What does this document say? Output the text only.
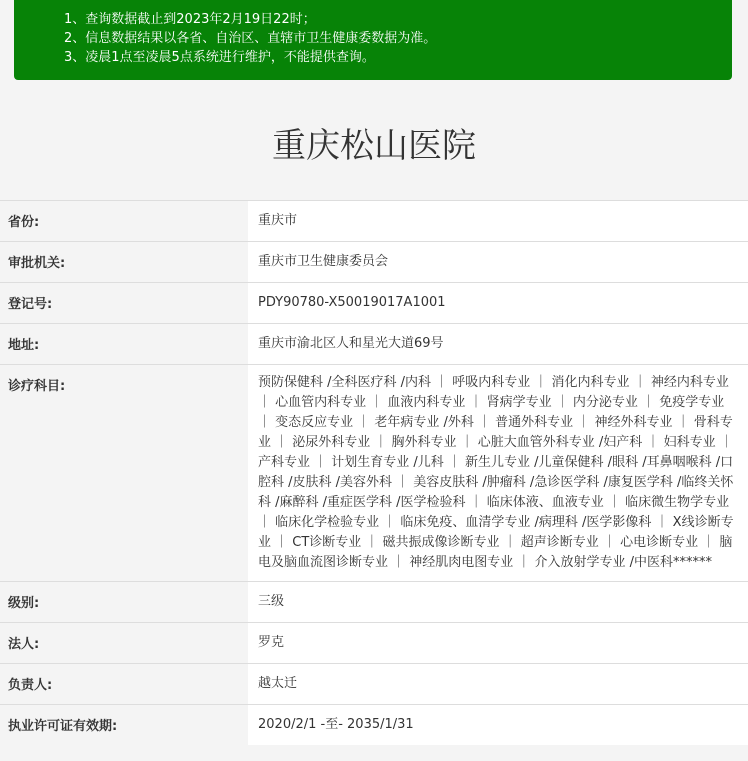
1、查询数据截止到2023年2月19日22时；
2、信息数据结果以各省、自治区、直辖市卫生健康委数据为准。
3、凌晨1点至凌晨5点系统进行维护，不能提供查询。
重庆松山医院
省份:	重庆市
审批机关:	重庆市卫生健康委员会
登记号:	PDY90780-X50019017A1001
地址:	重庆市渝北区人和星光大道69号
诊疗科目:	预防保健科 /全科医疗科 /内科 ｜ 呼吸内科专业 ｜ 消化内科专业 ｜ 神经内科专业 ｜ 心血管内科专业 ｜ 血液内科专业 ｜ 肾病学专业 ｜ 内分泌专业 ｜ 免疫学专业 ｜ 变态反应专业 ｜ 老年病专业 /外科 ｜ 普通外科专业 ｜ 神经外科专业 ｜ 骨科专业 ｜ 泌尿外科专业 ｜ 胸外科专业 ｜ 心脏大血管外科专业 /妇产科 ｜ 妇科专业 ｜ 产科专业 ｜ 计划生育专业 /儿科 ｜ 新生儿专业 /儿童保健科 /眼科 /耳鼻咽喉科 /口腔科 /皮肤科 /美容外科 ｜ 美容皮肤科 /肿瘤科 /急诊医学科 /康复医学科 /临终关怀科 /麻醉科 /重症医学科 /医学检验科 ｜ 临床体液、血液专业 ｜ 临床微生物学专业 ｜ 临床化学检验专业 ｜ 临床免疫、血清学专业 /病理科 /医学影像科 ｜ X线诊断专业 ｜ CT诊断专业 ｜ 磁共振成像诊断专业 ｜ 超声诊断专业 ｜ 心电诊断专业 ｜ 脑电及脑血流图诊断专业 ｜ 神经肌肉电图专业 ｜ 介入放射学专业 /中医科******
级别:	三级
法人:	罗克
负责人:	越太迁
执业许可证有效期:	2020/2/1 -至- 2035/1/31
